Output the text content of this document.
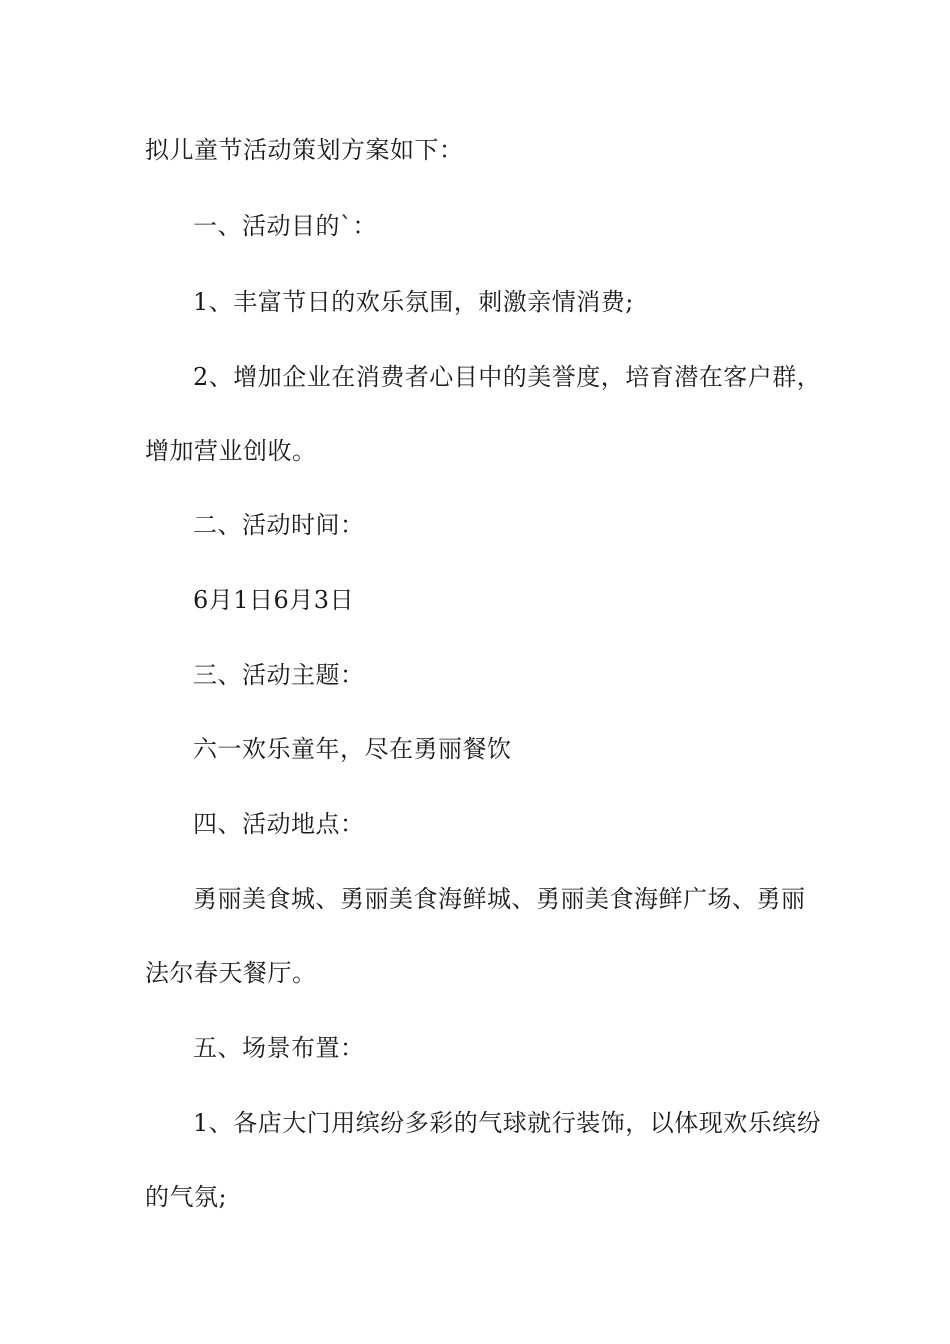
拟儿童节活动策划方案如下：
一、活动目的`：
1、丰富节日的欢乐氛围，刺激亲情消费;
2、增加企业在消费者心目中的美誉度，培育潜在客户群，
增加营业创收。
二、活动时间：
6月1日6月3日
三、活动主题：
六一欢乐童年，尽在勇丽餐饮
四、活动地点：
勇丽美食城、勇丽美食海鲜城、勇丽美食海鲜广场、勇丽
法尔春天餐厅。
五、场景布置：
1、各店大门用缤纷多彩的气球就行装饰，以体现欢乐缤纷
的气氛;
